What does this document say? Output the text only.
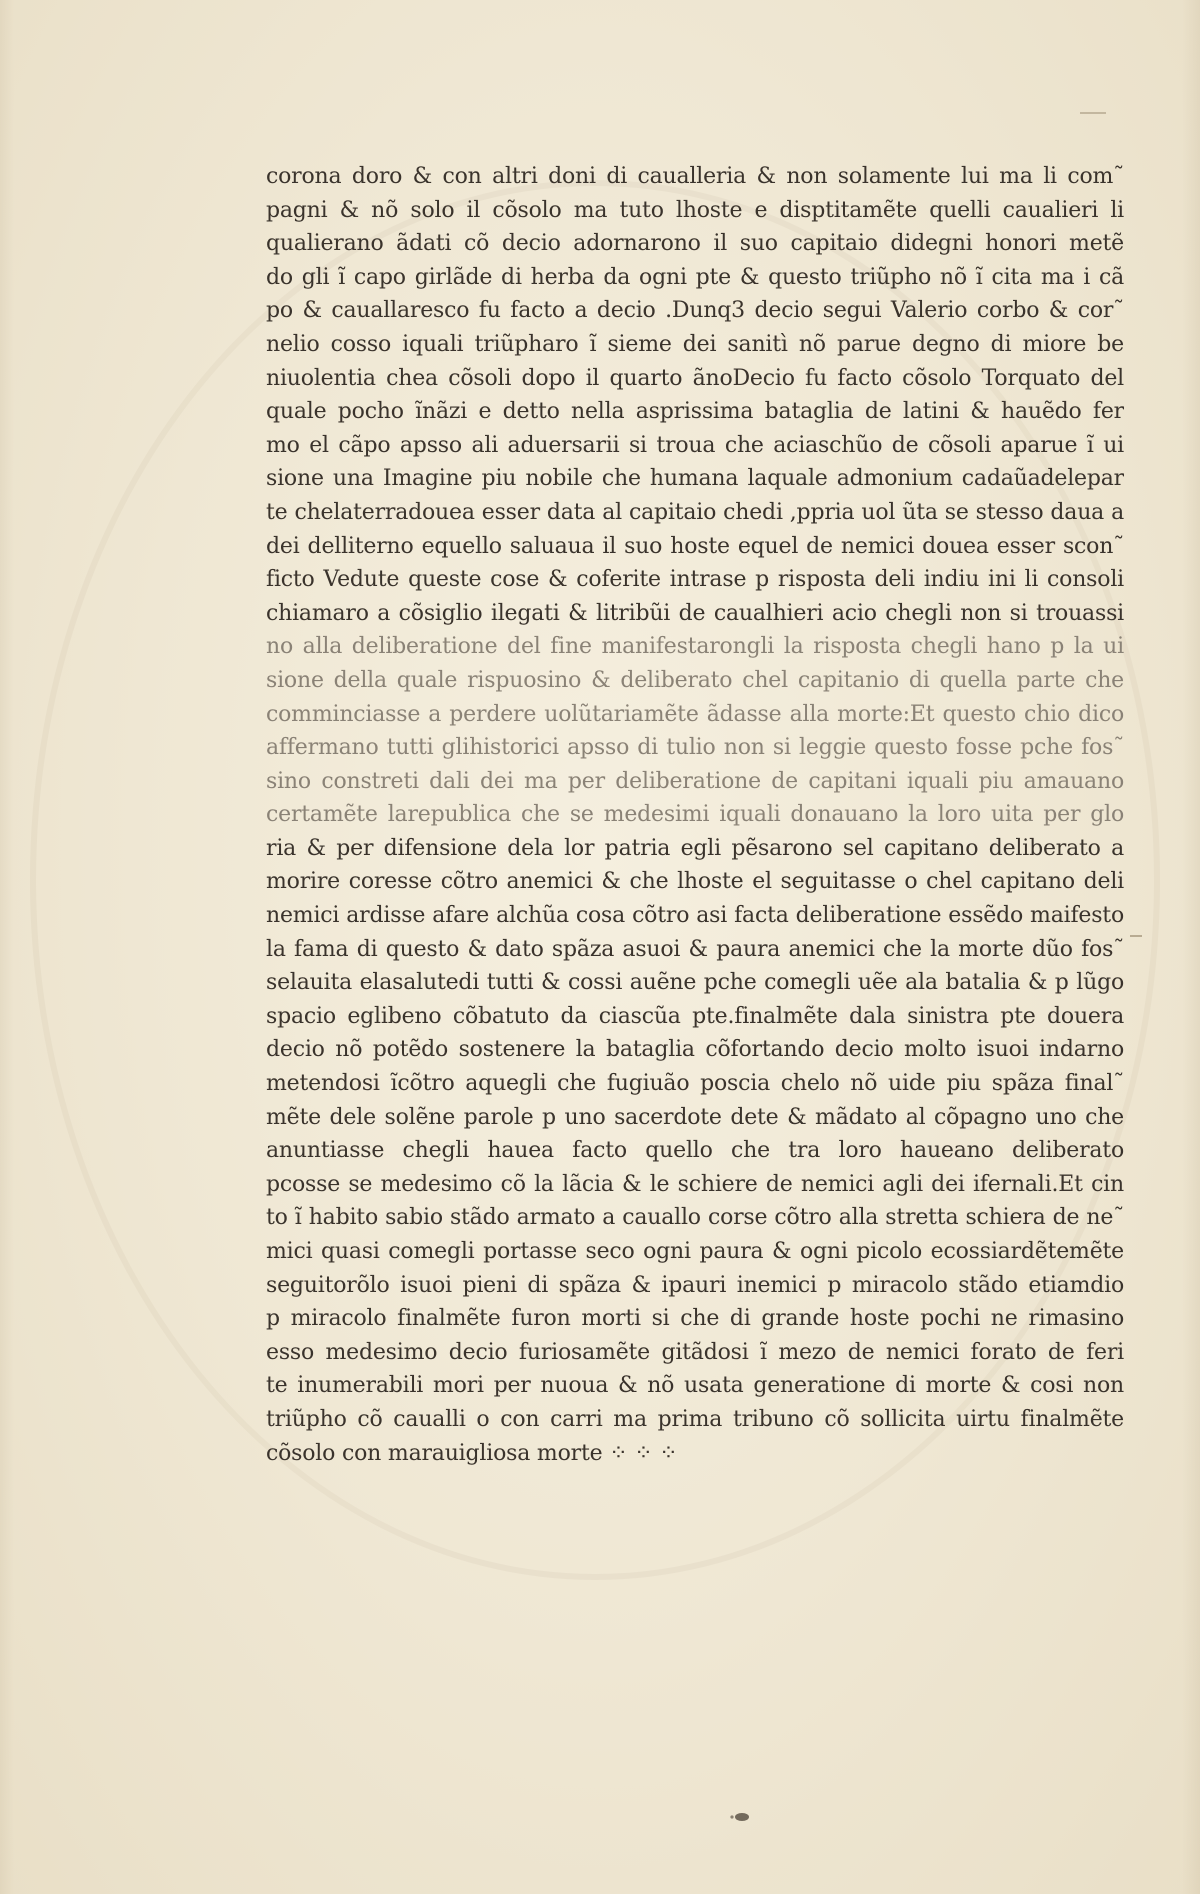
corona doro & con altri doni di caualleria & non solamente lui ma li com˜
pagni & nõ solo il cõsolo ma tuto lhoste e disptitamẽte quelli caualieri li
qualierano ãdati cõ decio adornarono il suo capitaio didegni honori metẽ
do gli ĩ capo girlãde di herba da ogni pte & questo triũpho nõ ĩ cita ma i cã
po & cauallaresco fu facto a decio .Dunq3 decio segui Valerio corbo & cor˜
nelio cosso iquali triũpharo ĩ sieme dei sanitì nõ parue degno di miore be
niuolentia chea cõsoli dopo il quarto ãnoDecio fu facto cõsolo Torquato del
quale pocho ĩnãzi e detto nella asprissima bataglia de latini & hauẽdo fer
mo el cãpo apsso ali aduersarii si troua che aciaschũo de cõsoli aparue ĩ ui
sione una Imagine piu nobile che humana laquale admonium cadaũadelepar
te chelaterradouea esser data al capitaio chedi ,ppria uol ũta se stesso daua a
dei delliterno equello saluaua il suo hoste equel de nemici douea esser scon˜
ficto Vedute queste cose & coferite intrase p risposta deli indiu ini li consoli
chiamaro a cõsiglio ilegati & litribũi de caualhieri acio chegli non si trouassi
no alla deliberatione del fine manifestarongli la risposta chegli hano p la ui
sione della quale rispuosino & deliberato chel capitanio di quella parte che
comminciasse a perdere uolũtariamẽte ãdasse alla morte:Et questo chio dico
affermano tutti glihistorici apsso di tulio non si leggie questo fosse pche fos˜
sino constreti dali dei ma per deliberatione de capitani iquali piu amauano
certamẽte larepublica che se medesimi iquali donauano la loro uita per glo
ria & per difensione dela lor patria egli pẽsarono sel capitano deliberato a
morire coresse cõtro anemici & che lhoste el seguitasse o chel capitano deli
nemici ardisse afare alchũa cosa cõtro asi facta deliberatione essẽdo maifesto
la fama di questo & dato spãza asuoi & paura anemici che la morte dũo fos˜
selauita elasalutedi tutti & cossi auẽne pche comegli uẽe ala batalia & p lũgo
spacio eglibeno cõbatuto da ciascũa pte.finalmẽte dala sinistra pte douera
decio nõ potẽdo sostenere la bataglia cõfortando decio molto isuoi indarno
metendosi ĩcõtro aquegli che fugiuão poscia chelo nõ uide piu spãza final˜
mẽte dele solẽne parole p uno sacerdote dete & mãdato al cõpagno uno che
anuntiasse chegli hauea facto quello che tra loro haueano deliberato
pcosse se medesimo cõ la lãcia & le schiere de nemici agli dei ifernali.Et cin
to ĩ habito sabio stãdo armato a cauallo corse cõtro alla stretta schiera de ne˜
mici quasi comegli portasse seco ogni paura & ogni picolo ecossiardẽtemẽte
seguitorõlo isuoi pieni di spãza & ipauri inemici p miracolo stãdo etiamdio
p miracolo finalmẽte furon morti si che di grande hoste pochi ne rimasino
esso medesimo decio furiosamẽte gitãdosi ĩ mezo de nemici forato de feri
te inumerabili mori per nuoua & nõ usata generatione di morte & cosi non
triũpho cõ caualli o con carri ma prima tribuno cõ sollicita uirtu finalmẽte
cõsolo con marauigliosa morte ⁘ ⁘ ⁘
